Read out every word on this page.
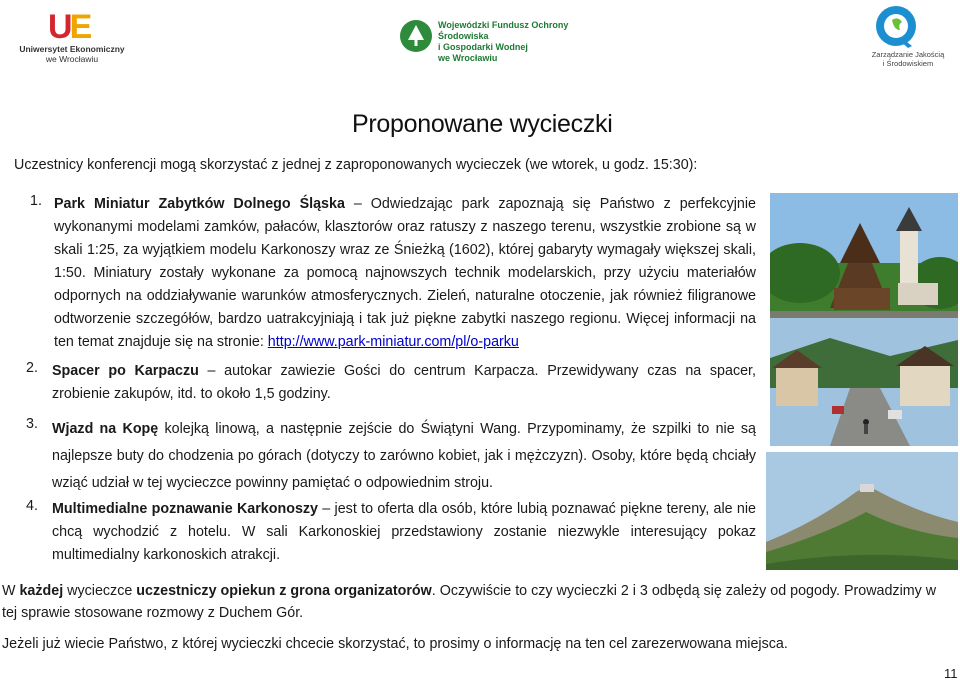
UE
Uniwersytet Ekonomiczny
we Wrocławiu
Wojewódzki Fundusz Ochrony Środowiska
i Gospodarki Wodnej
we Wrocławiu	Zarządzanie Jakością
i Środowiskiem
Proponowane wycieczki
Uczestnicy konferencji mogą skorzystać z jednej z zaproponowanych wycieczek (we wtorek, u godz. 15:30):
1. Park Miniatur Zabytków Dolnego Śląska – Odwiedzając park zapoznają się Państwo z perfekcyjnie wykonanymi modelami zamków, pałaców, klasztorów oraz ratuszy z naszego terenu, wszystkie zrobione są w skali 1:25, za wyjątkiem modelu Karkonoszy wraz ze Śnieżką (1602), której gabaryty wymagały większej skali, 1:50. Miniatury zostały wykonane za pomocą najnowszych technik modelarskich, przy użyciu materiałów odpornych na oddziaływanie warunków atmosferycznych. Zieleń, naturalne otoczenie, jak również filigranowe odtworzenie szczegółów, bardzo uatrakcyjniają i tak już piękne zabytki naszego regionu. Więcej informacji na ten temat znajduje się na stronie: http://www.park-miniatur.com/pl/o-parku
2. Spacer po Karpaczu – autokar zawiezie Gości do centrum Karpacza. Przewidywany czas na spacer, zrobienie zakupów, itd. to około 1,5 godziny.
3. Wjazd na Kopę kolejką linową, a następnie zejście do Świątyni Wang. Przypominamy, że szpilki to nie są najlepsze buty do chodzenia po górach (dotyczy to zarówno kobiet, jak i mężczyzn). Osoby, które będą chciały wziąć udział w tej wycieczce powinny pamiętać o odpowiednim stroju.
4. Multimedialne poznawanie Karkonoszy – jest to oferta dla osób, które lubią poznawać piękne tereny, ale nie chcą wychodzić z hotelu. W sali Karkonoskiej przedstawiony zostanie niezwykle interesujący pokaz multimedialny karkonoskich atrakcji.
W każdej wycieczce uczestniczy opiekun z grona organizatorów. Oczywiście to czy wycieczki 2 i 3 odbędą się zależy od pogody. Prowadzimy w tej sprawie stosowane rozmowy z Duchem Gór.
Jeżeli już wiecie Państwo, z której wycieczki chcecie skorzystać, to prosimy o informację na ten cel zarezerwowana miejsca.
11
